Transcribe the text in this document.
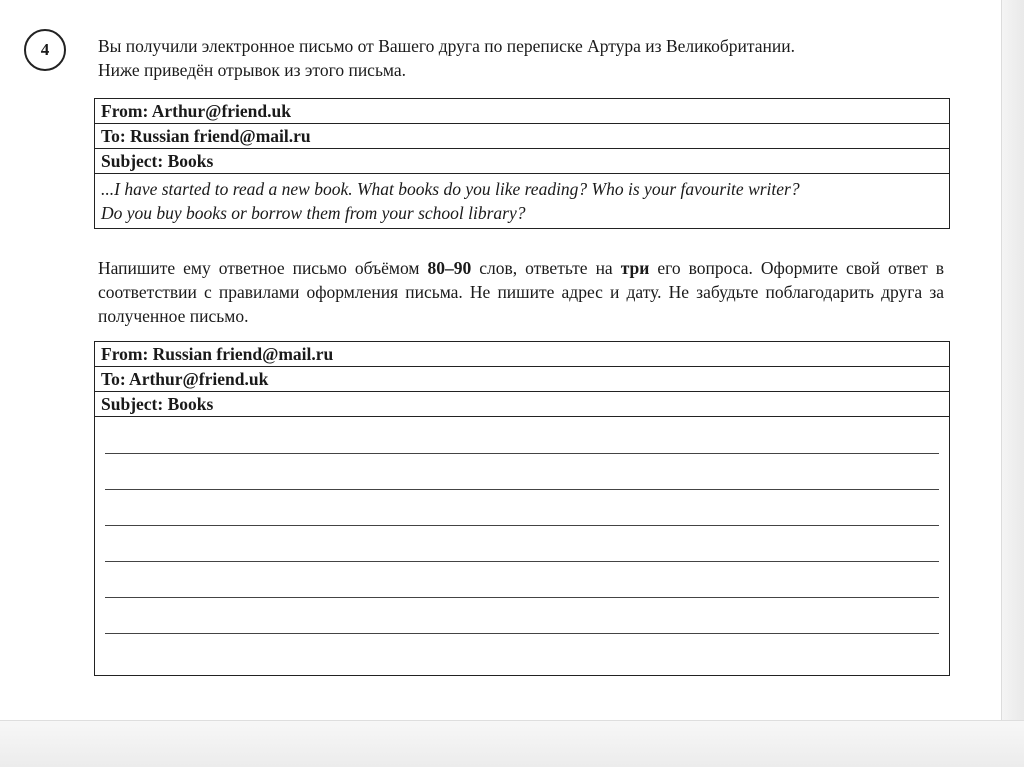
4	Вы получили электронное письмо от Вашего друга по переписке Артура из Великобритании.
Ниже приведён отрывок из этого письма.

From: Arthur@friend.uk
To: Russian friend@mail.ru
Subject: Books
...I have started to read a new book. What books do you like reading? Who is your favourite writer?
Do you buy books or borrow them from your school library?

Напишите ему ответное письмо объёмом 80–90 слов, ответьте на три его вопроса. Оформите свой ответ в соответствии с правилами оформления письма. Не пишите адрес и дату. Не забудьте поблагодарить друга за полученное письмо.

From: Russian friend@mail.ru
To: Arthur@friend.uk
Subject: Books
